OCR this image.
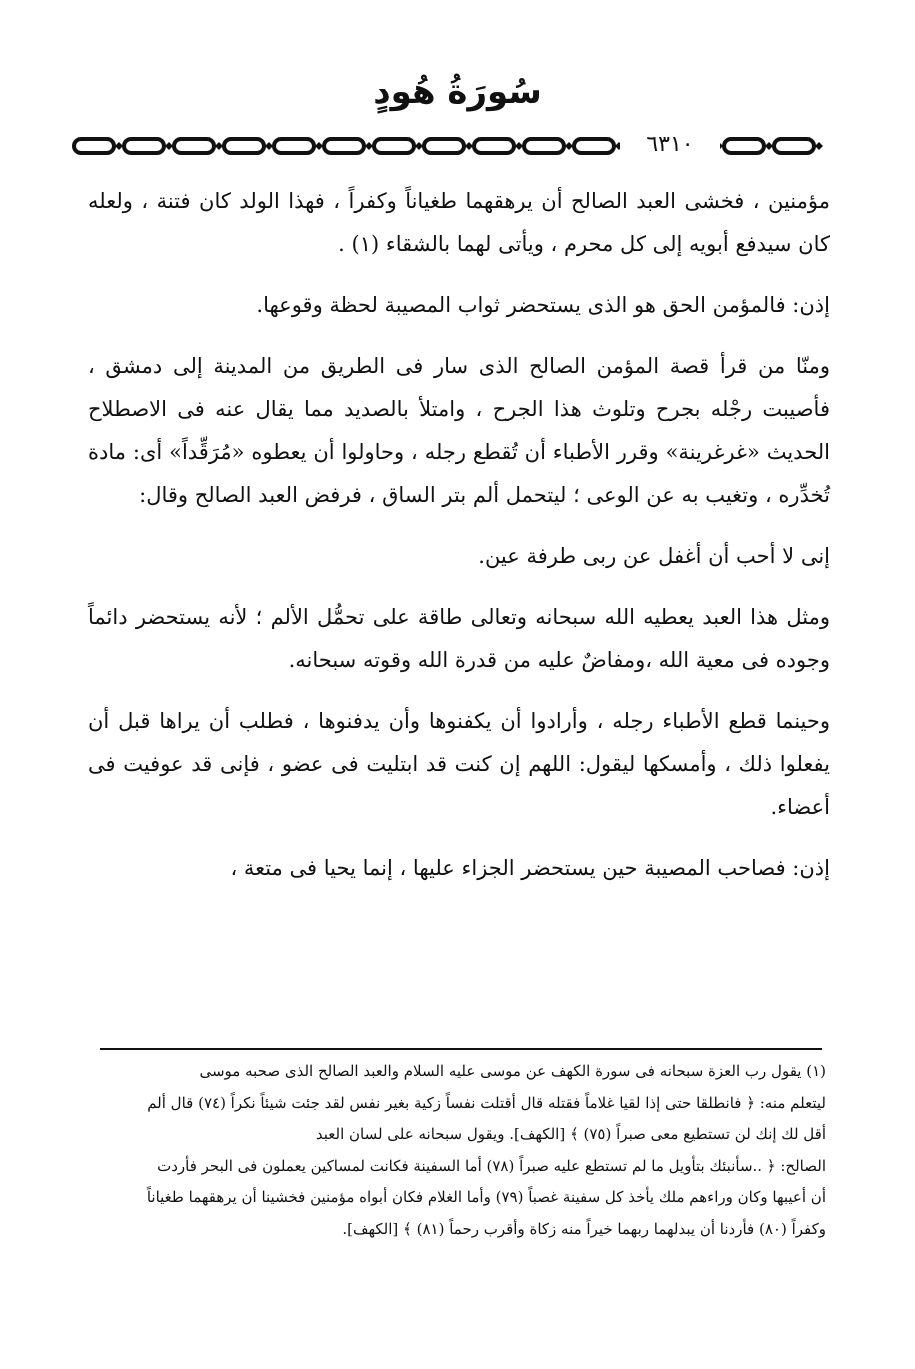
سُورَةُ هُودٍ
٦٣١٠

مؤمنين ، فخشى العبد الصالح أن يرهقهما طغياناً وكفراً ، فهذا الولد كان فتنة ، ولعله كان سيدفع أبويه إلى كل محرم ، ويأتى لهما بالشقاء (١) .

إذن: فالمؤمن الحق هو الذى يستحضر ثواب المصيبة لحظة وقوعها.

ومنّا من قرأ قصة المؤمن الصالح الذى سار فى الطريق من المدينة إلى دمشق ، فأصيبت رجْله بجرح وتلوث هذا الجرح ، وامتلأ بالصديد مما يقال عنه فى الاصطلاح الحديث «غرغرينة» وقرر الأطباء أن تُقطع رجله ، وحاولوا أن يعطوه «مُرَقِّداً» أى: مادة تُخدِّره ، وتغيب به عن الوعى ؛ ليتحمل ألم بتر الساق ، فرفض العبد الصالح وقال:

إنى لا أحب أن أغفل عن ربى طرفة عين.

ومثل هذا العبد يعطيه الله سبحانه وتعالى طاقة على تحمُّل الألم ؛ لأنه يستحضر دائماً وجوده فى معية الله ،ومفاضٌ عليه من قدرة الله وقوته سبحانه.

وحينما قطع الأطباء رجله ، وأرادوا أن يكفنوها وأن يدفنوها ، فطلب أن يراها قبل أن يفعلوا ذلك ، وأمسكها ليقول: اللهم إن كنت قد ابتليت فى عضو ، فإنى قد عوفيت فى أعضاء.

إذن: فصاحب المصيبة حين يستحضر الجزاء عليها ، إنما يحيا فى متعة ،

(١) يقول رب العزة سبحانه فى سورة الكهف عن موسى عليه السلام والعبد الصالح الذى صحبه موسى

ليتعلم منه: ﴿ فانطلقا حتى إذا لقيا غلاماً فقتله قال أقتلت نفساً زكية بغير نفس لقد جئت شيئاً نكراً (٧٤) قال ألم

أقل لك إنك لن تستطيع معى صبراً (٧٥) ﴾ [الكهف]. ويقول سبحانه على لسان العبد

الصالح: ﴿ ..سأنبئك بتأويل ما لم تستطع عليه صبراً (٧٨) أما السفينة فكانت لمساكين يعملون فى البحر فأردت

أن أعيبها وكان وراءهم ملك يأخذ كل سفينة غصباً (٧٩) وأما الغلام فكان أبواه مؤمنين فخشينا أن يرهقهما طغياناً

وكفراً (٨٠) فأردنا أن يبدلهما ربهما خيراً منه زكاة وأقرب رحماً (٨١) ﴾ [الكهف].
